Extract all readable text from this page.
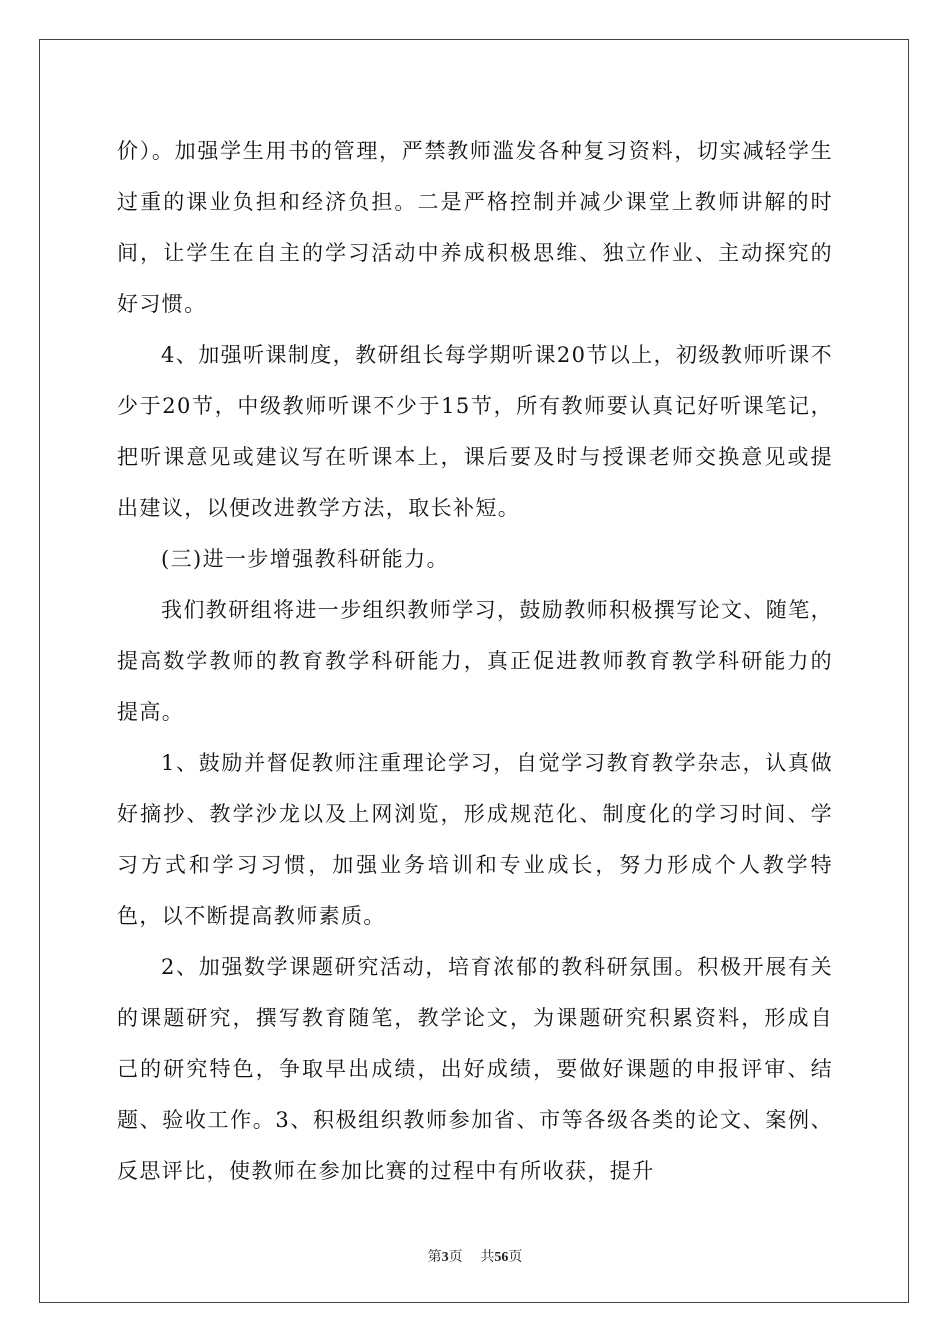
价）。加强学生用书的管理，严禁教师滥发各种复习资料，切实减轻学生过重的课业负担和经济负担。二是严格控制并减少课堂上教师讲解的时间，让学生在自主的学习活动中养成积极思维、独立作业、主动探究的好习惯。

4、加强听课制度，教研组长每学期听课20节以上，初级教师听课不少于20节，中级教师听课不少于15节，所有教师要认真记好听课笔记，把听课意见或建议写在听课本上，课后要及时与授课老师交换意见或提出建议，以便改进教学方法，取长补短。

(三)进一步增强教科研能力。

我们教研组将进一步组织教师学习，鼓励教师积极撰写论文、随笔，提高数学教师的教育教学科研能力，真正促进教师教育教学科研能力的提高。

1、鼓励并督促教师注重理论学习，自觉学习教育教学杂志，认真做好摘抄、教学沙龙以及上网浏览，形成规范化、制度化的学习时间、学习方式和学习习惯，加强业务培训和专业成长，努力形成个人教学特色，以不断提高教师素质。

2、加强数学课题研究活动，培育浓郁的教科研氛围。积极开展有关的课题研究，撰写教育随笔，教学论文，为课题研究积累资料，形成自己的研究特色，争取早出成绩，出好成绩，要做好课题的申报评审、结题、验收工作。3、积极组织教师参加省、市等各级各类的论文、案例、反思评比，使教师在参加比赛的过程中有所收获，提升

第3页 共56页
